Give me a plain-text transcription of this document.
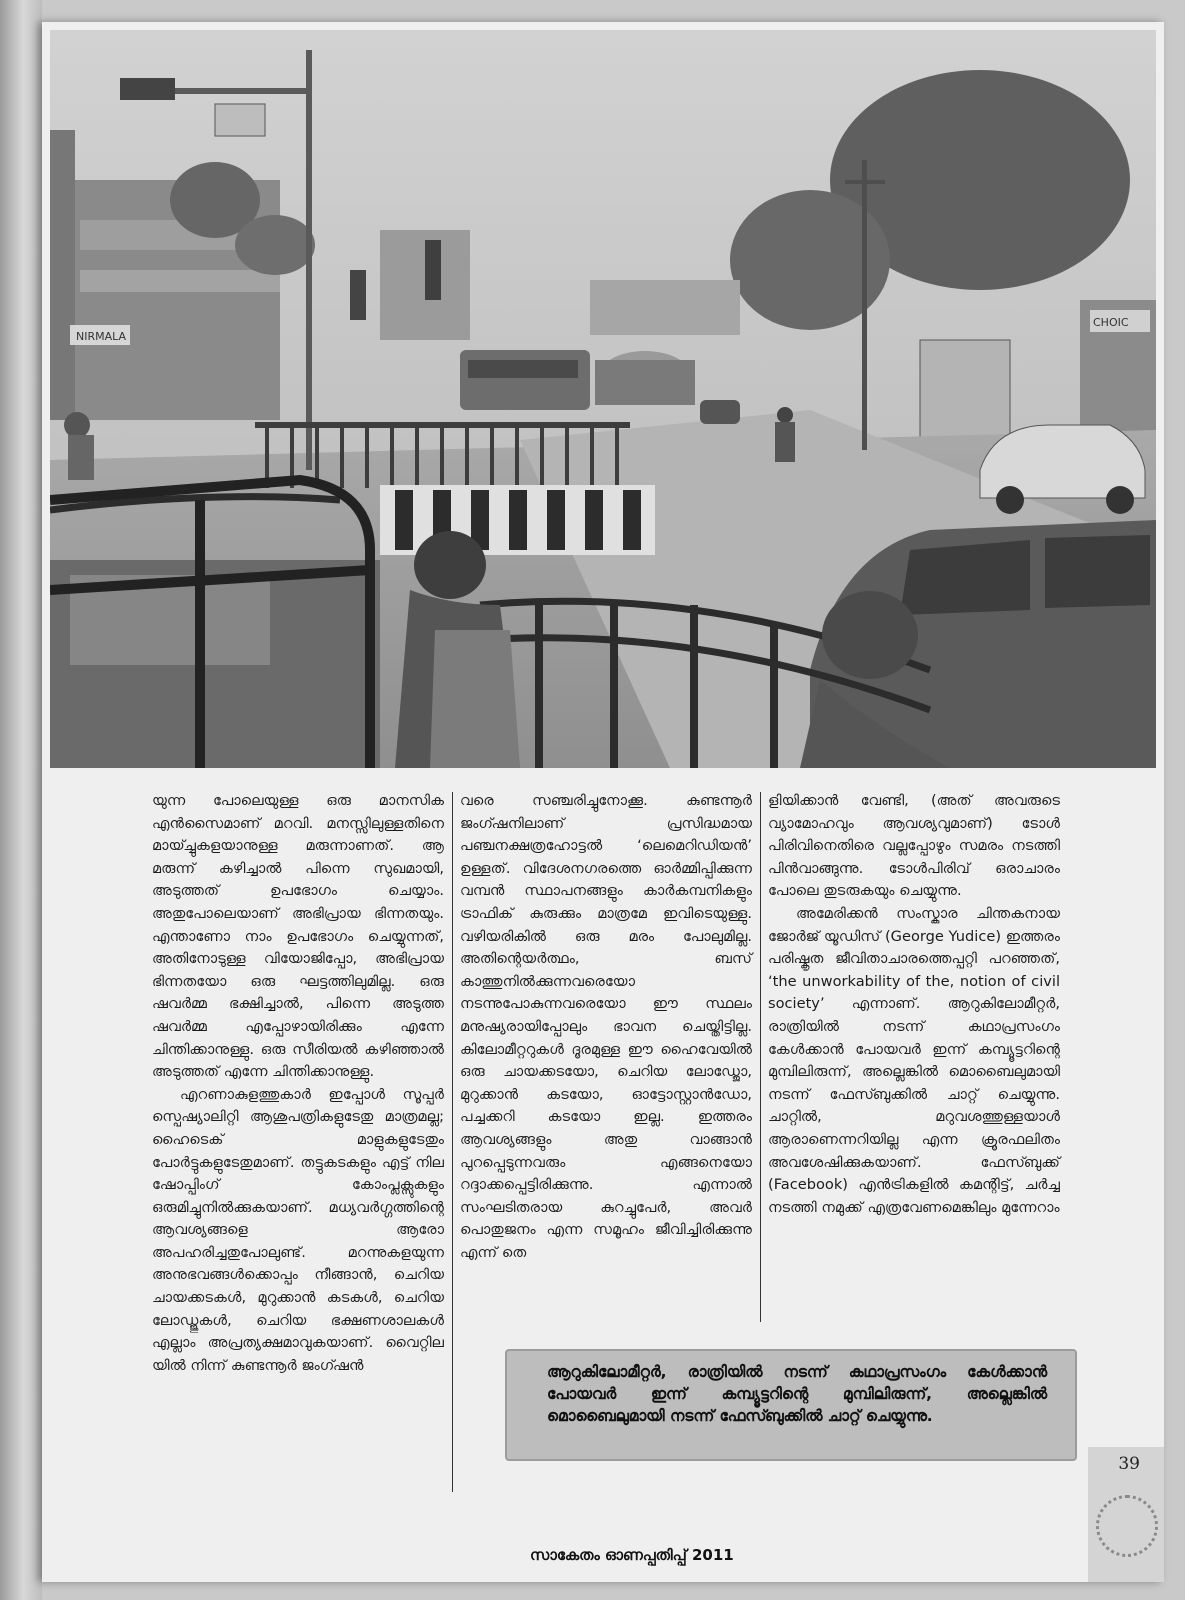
NIRMALA
CHOIC

യുന്ന പോലെയുള്ള ഒരു മാനസിക എൻസൈമാണ് മറവി. മനസ്സിലുള്ളതിനെ മായ്ച്ചുകളയാനുള്ള മരുന്നാണത്. ആ മരുന്ന് കഴിച്ചാൽ പിന്നെ സുഖമായി, അടുത്തത് ഉപഭോഗം ചെയ്യാം. അതുപോലെയാണ് അഭിപ്രായ ഭിന്നതയും. എന്താണോ നാം ഉപഭോഗം ചെയ്യുന്നത്, അതിനോടുള്ള വിയോജിപ്പോ, അഭിപ്രായ ഭിന്നതയോ ഒരു ഘട്ടത്തിലുമില്ല. ഒരു ഷവർമ്മ ഭക്ഷിച്ചാൽ, പിന്നെ അടുത്ത ഷവർമ്മ എപ്പോഴായിരിക്കും എന്നേ ചിന്തിക്കാനുള്ളു. ഒരു സീരിയൽ കഴിഞ്ഞാൽ അടുത്തത് എന്നേ ചിന്തിക്കാനുള്ളു.

എറണാകുളത്തുകാർ ഇപ്പോൾ സൂപ്പർ സ്പെഷ്യാലിറ്റി ആശുപത്രികളുടേതു മാത്രമല്ല; ഹൈടെക് മാളുകളുടേതും പോർട്ടുകളുടേതുമാണ്. തട്ടുകടകളും എട്ട് നില ഷോപ്പിംഗ് കോംപ്ലക്സുകളും ഒരുമിച്ചുനിൽക്കുകയാണ്. മധ്യവർഗ്ഗത്തിന്റെ ആവശ്യങ്ങളെ ആരോ അപഹരിച്ചതുപോലുണ്ട്. മറന്നുകളയുന്ന അനുഭവങ്ങൾക്കൊപ്പം നീങ്ങാൻ, ചെറിയ ചായക്കടകൾ, മുറുക്കാൻ കടകൾ, ചെറിയ ലോഡ്ജുകൾ, ചെറിയ ഭക്ഷണശാലകൾ എല്ലാം അപ്രത്യക്ഷമാവുകയാണ്. വൈറ്റില യിൽ നിന്ന് കുണ്ടന്നൂർ ജംഗ്ഷൻ

വരെ സഞ്ചരിച്ചുനോക്കൂ. കുണ്ടന്നൂർ ജംഗ്ഷനിലാണ് പ്രസിദ്ധമായ പഞ്ചനക്ഷത്രഹോട്ടൽ ‘ലെമെറിഡിയൻ’ ഉള്ളത്. വിദേശനഗരത്തെ ഓർമ്മിപ്പിക്കുന്ന വമ്പൻ സ്ഥാപനങ്ങളും കാർകമ്പനികളും ട്രാഫിക് കുരുക്കും മാത്രമേ ഇവിടെയുള്ളു. വഴിയരികിൽ ഒരു മരം പോലുമില്ല. അതിന്റെയർത്ഥം, ബസ് കാത്തുനിൽക്കുന്നവരെയോ നടന്നുപോകുന്നവരെയോ ഈ സ്ഥലം മനുഷ്യരായിപ്പോലും ഭാവന ചെയ്തിട്ടില്ല. കിലോമീറ്ററുകൾ ദൂരമുള്ള ഈ ഹൈവേയിൽ ഒരു ചായക്കടയോ, ചെറിയ ലോഡ്ജോ, മുറുക്കാൻ കടയോ, ഓട്ടോസ്റ്റാൻഡോ, പച്ചക്കറി കടയോ ഇല്ല. ഇത്തരം ആവശ്യങ്ങളും അതു വാങ്ങാൻ പുറപ്പെടുന്നവരും എങ്ങനെയോ റദ്ദാക്കപ്പെട്ടിരിക്കുന്നു. എന്നാൽ സംഘടിതരായ കുറച്ചുപേർ, അവർ പൊതുജനം എന്ന സമൂഹം ജീവിച്ചിരിക്കുന്നു എന്ന് തെ

ളിയിക്കാൻ വേണ്ടി, (അത് അവരുടെ വ്യാമോഹവും ആവശ്യവുമാണ്) ടോൾ പിരിവിനെതിരെ വല്ലപ്പോഴും സമരം നടത്തി പിൻവാങ്ങുന്നു. ടോൾപിരിവ് ഒരാചാരം പോലെ തുടരുകയും ചെയ്യുന്നു.

അമേരിക്കൻ സംസ്കാര ചിന്തകനായ ജോർജ് യൂഡിസ് (George Yudice) ഇത്തരം പരിഷ്കൃത ജീവിതാചാരത്തെപ്പറ്റി പറഞ്ഞത്, ‘the unworkability of the, notion of civil society’ എന്നാണ്. ആറുകിലോമീറ്റർ, രാത്രിയിൽ നടന്ന് കഥാപ്രസംഗം കേൾക്കാൻ പോയവർ ഇന്ന് കമ്പ്യൂട്ടറിന്റെ മുമ്പിലിരുന്ന്, അല്ലെങ്കിൽ മൊബൈലുമായി നടന്ന് ഫേസ്ബുക്കിൽ ചാറ്റ് ചെയ്യുന്നു. ചാറ്റിൽ, മറുവശത്തുള്ളയാൾ ആരാണെന്നറിയില്ല എന്ന ക്രൂരഫലിതം അവശേഷിക്കുകയാണ്. ഫേസ്ബുക്ക് (Facebook) എൻട്രികളിൽ കമന്റിട്ട്, ചർച്ച നടത്തി നമുക്ക് എത്രവേണമെങ്കിലും മുന്നേറാം

ആറുകിലോമീറ്റർ, രാത്രിയിൽ നടന്ന് കഥാപ്രസംഗം കേൾക്കാൻ പോയവർ ഇന്ന് കമ്പ്യൂട്ടറിന്റെ മുമ്പിലിരുന്ന്, അല്ലെങ്കിൽ മൊബൈലുമായി നടന്ന് ഫേസ്ബുക്കിൽ ചാറ്റ് ചെയ്യുന്നു.
39
സാകേതം ഓണപ്പതിപ്പ് 2011
